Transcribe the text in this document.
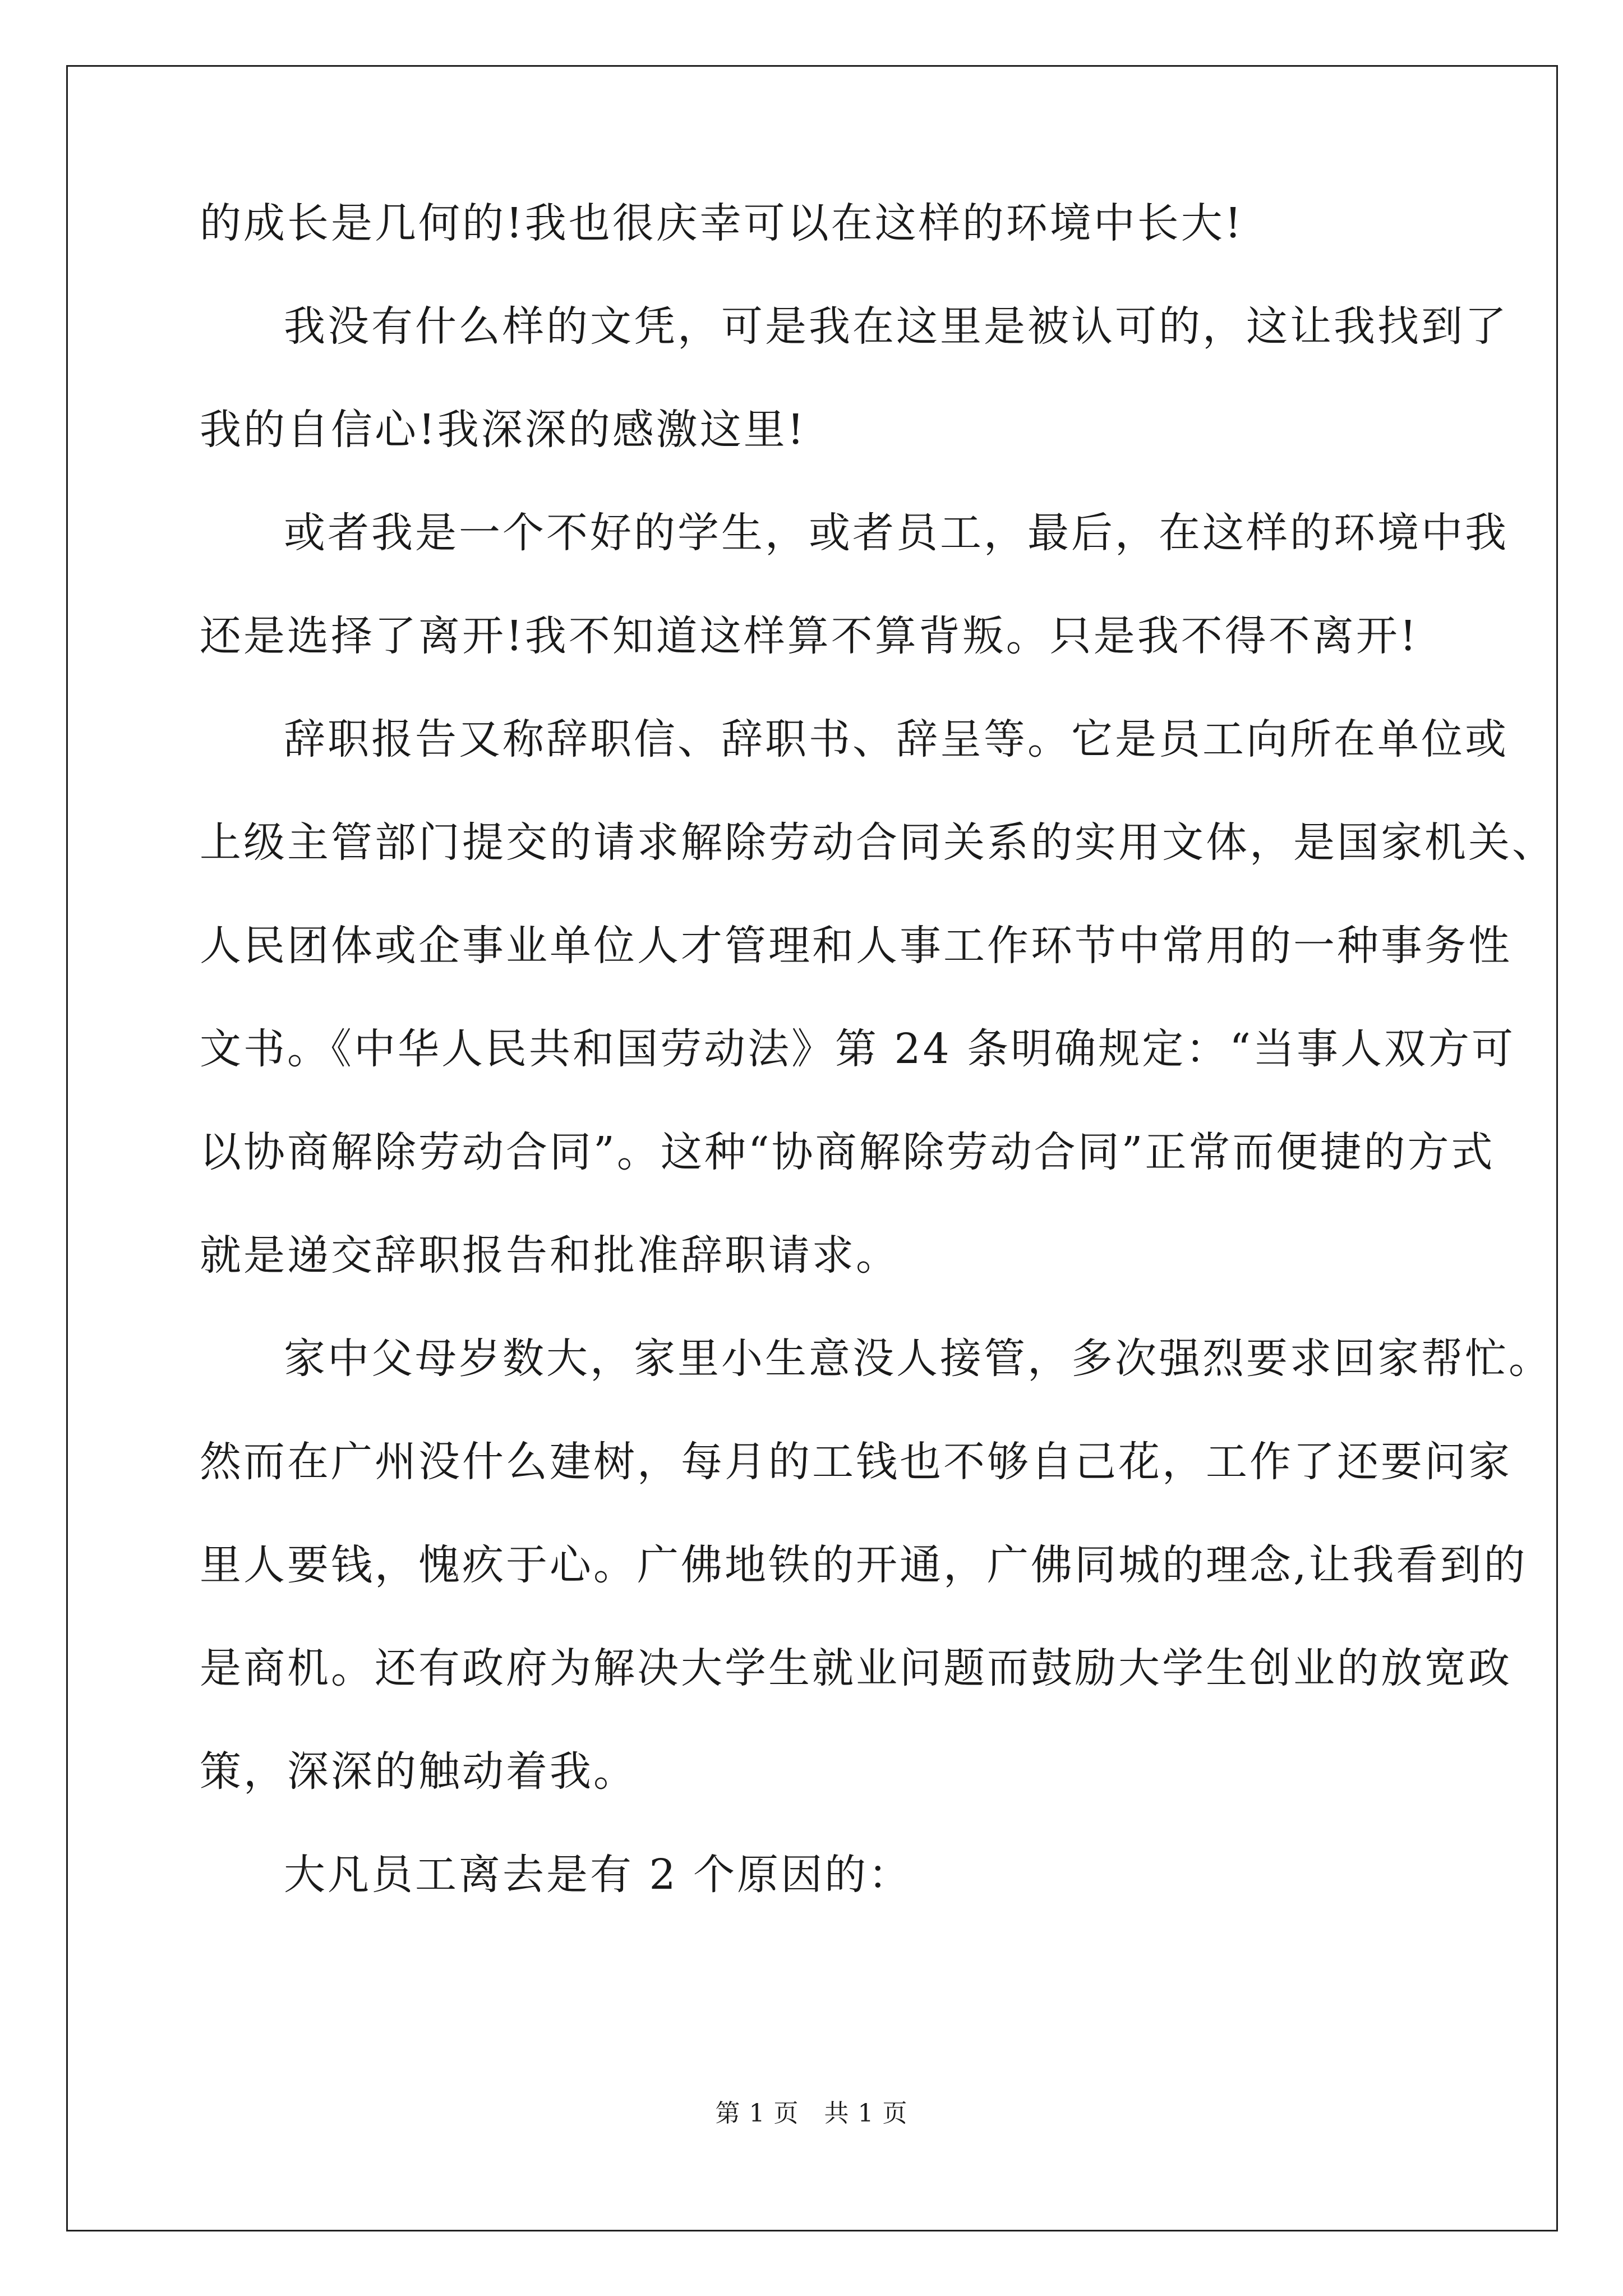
的成长是几何的!我也很庆幸可以在这样的环境中长大!
我没有什么样的文凭，可是我在这里是被认可的，这让我找到了
我的自信心!我深深的感激这里!
或者我是一个不好的学生，或者员工，最后，在这样的环境中我
还是选择了离开!我不知道这样算不算背叛。只是我不得不离开!
辞职报告又称辞职信、辞职书、辞呈等。它是员工向所在单位或
上级主管部门提交的请求解除劳动合同关系的实用文体，是国家机关、
人民团体或企事业单位人才管理和人事工作环节中常用的一种事务性
文书。《中华人民共和国劳动法》第 24 条明确规定：“当事人双方可
以协商解除劳动合同”。这种“协商解除劳动合同”正常而便捷的方式
就是递交辞职报告和批准辞职请求。
家中父母岁数大，家里小生意没人接管，多次强烈要求回家帮忙。
然而在广州没什么建树，每月的工钱也不够自己花，工作了还要问家
里人要钱，愧疚于心。广佛地铁的开通，广佛同城的理念,让我看到的
是商机。还有政府为解决大学生就业问题而鼓励大学生创业的放宽政
策，深深的触动着我。
大凡员工离去是有 2 个原因的：
第 1 页　共 1 页
